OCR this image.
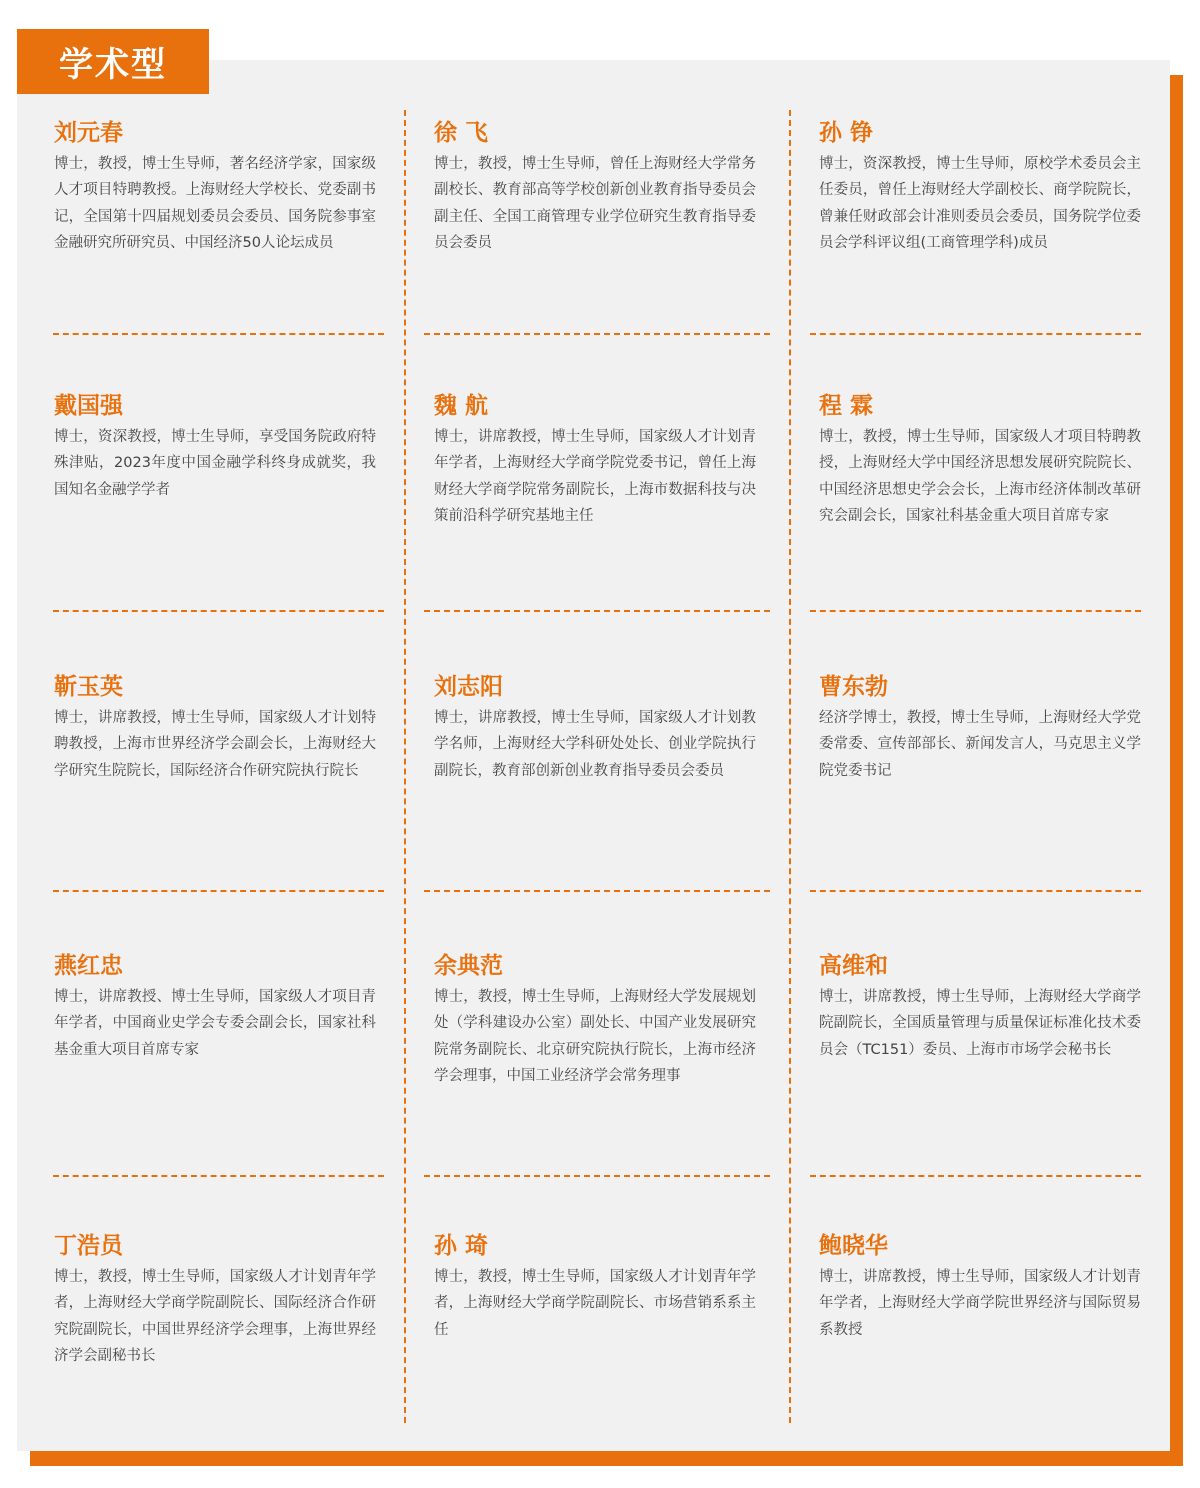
学术型
刘元春
博士，教授，博士生导师，著名经济学家，国家级人才项目特聘教授。上海财经大学校长、党委副书记，全国第十四届规划委员会委员、国务院参事室金融研究所研究员、中国经济50人论坛成员
徐 飞
博士，教授，博士生导师，曾任上海财经大学常务副校长、教育部高等学校创新创业教育指导委员会副主任、全国工商管理专业学位研究生教育指导委员会委员
孙 铮
博士，资深教授，博士生导师，原校学术委员会主任委员，曾任上海财经大学副校长、商学院院长，曾兼任财政部会计准则委员会委员，国务院学位委员会学科评议组(工商管理学科)成员
戴国强
博士，资深教授，博士生导师，享受国务院政府特殊津贴，2023年度中国金融学科终身成就奖，我国知名金融学学者
魏 航
博士，讲席教授，博士生导师，国家级人才计划青年学者，上海财经大学商学院党委书记，曾任上海财经大学商学院常务副院长，上海市数据科技与决策前沿科学研究基地主任
程 霖
博士，教授，博士生导师，国家级人才项目特聘教授，上海财经大学中国经济思想发展研究院院长、中国经济思想史学会会长，上海市经济体制改革研究会副会长，国家社科基金重大项目首席专家
靳玉英
博士，讲席教授，博士生导师，国家级人才计划特聘教授，上海市世界经济学会副会长，上海财经大学研究生院院长，国际经济合作研究院执行院长
刘志阳
博士，讲席教授，博士生导师，国家级人才计划教学名师，上海财经大学科研处处长、创业学院执行副院长，教育部创新创业教育指导委员会委员
曹东勃
经济学博士，教授，博士生导师，上海财经大学党委常委、宣传部部长、新闻发言人，马克思主义学院党委书记
燕红忠
博士，讲席教授、博士生导师，国家级人才项目青年学者，中国商业史学会专委会副会长，国家社科基金重大项目首席专家
余典范
博士，教授，博士生导师，上海财经大学发展规划处（学科建设办公室）副处长、中国产业发展研究院常务副院长、北京研究院执行院长，上海市经济学会理事，中国工业经济学会常务理事
高维和
博士，讲席教授，博士生导师，上海财经大学商学院副院长，全国质量管理与质量保证标准化技术委员会（TC151）委员、上海市市场学会秘书长
丁浩员
博士，教授，博士生导师，国家级人才计划青年学者，上海财经大学商学院副院长、国际经济合作研究院副院长，中国世界经济学会理事，上海世界经济学会副秘书长
孙 琦
博士，教授，博士生导师，国家级人才计划青年学者，上海财经大学商学院副院长、市场营销系系主任
鲍晓华
博士，讲席教授，博士生导师，国家级人才计划青年学者，上海财经大学商学院世界经济与国际贸易系教授
